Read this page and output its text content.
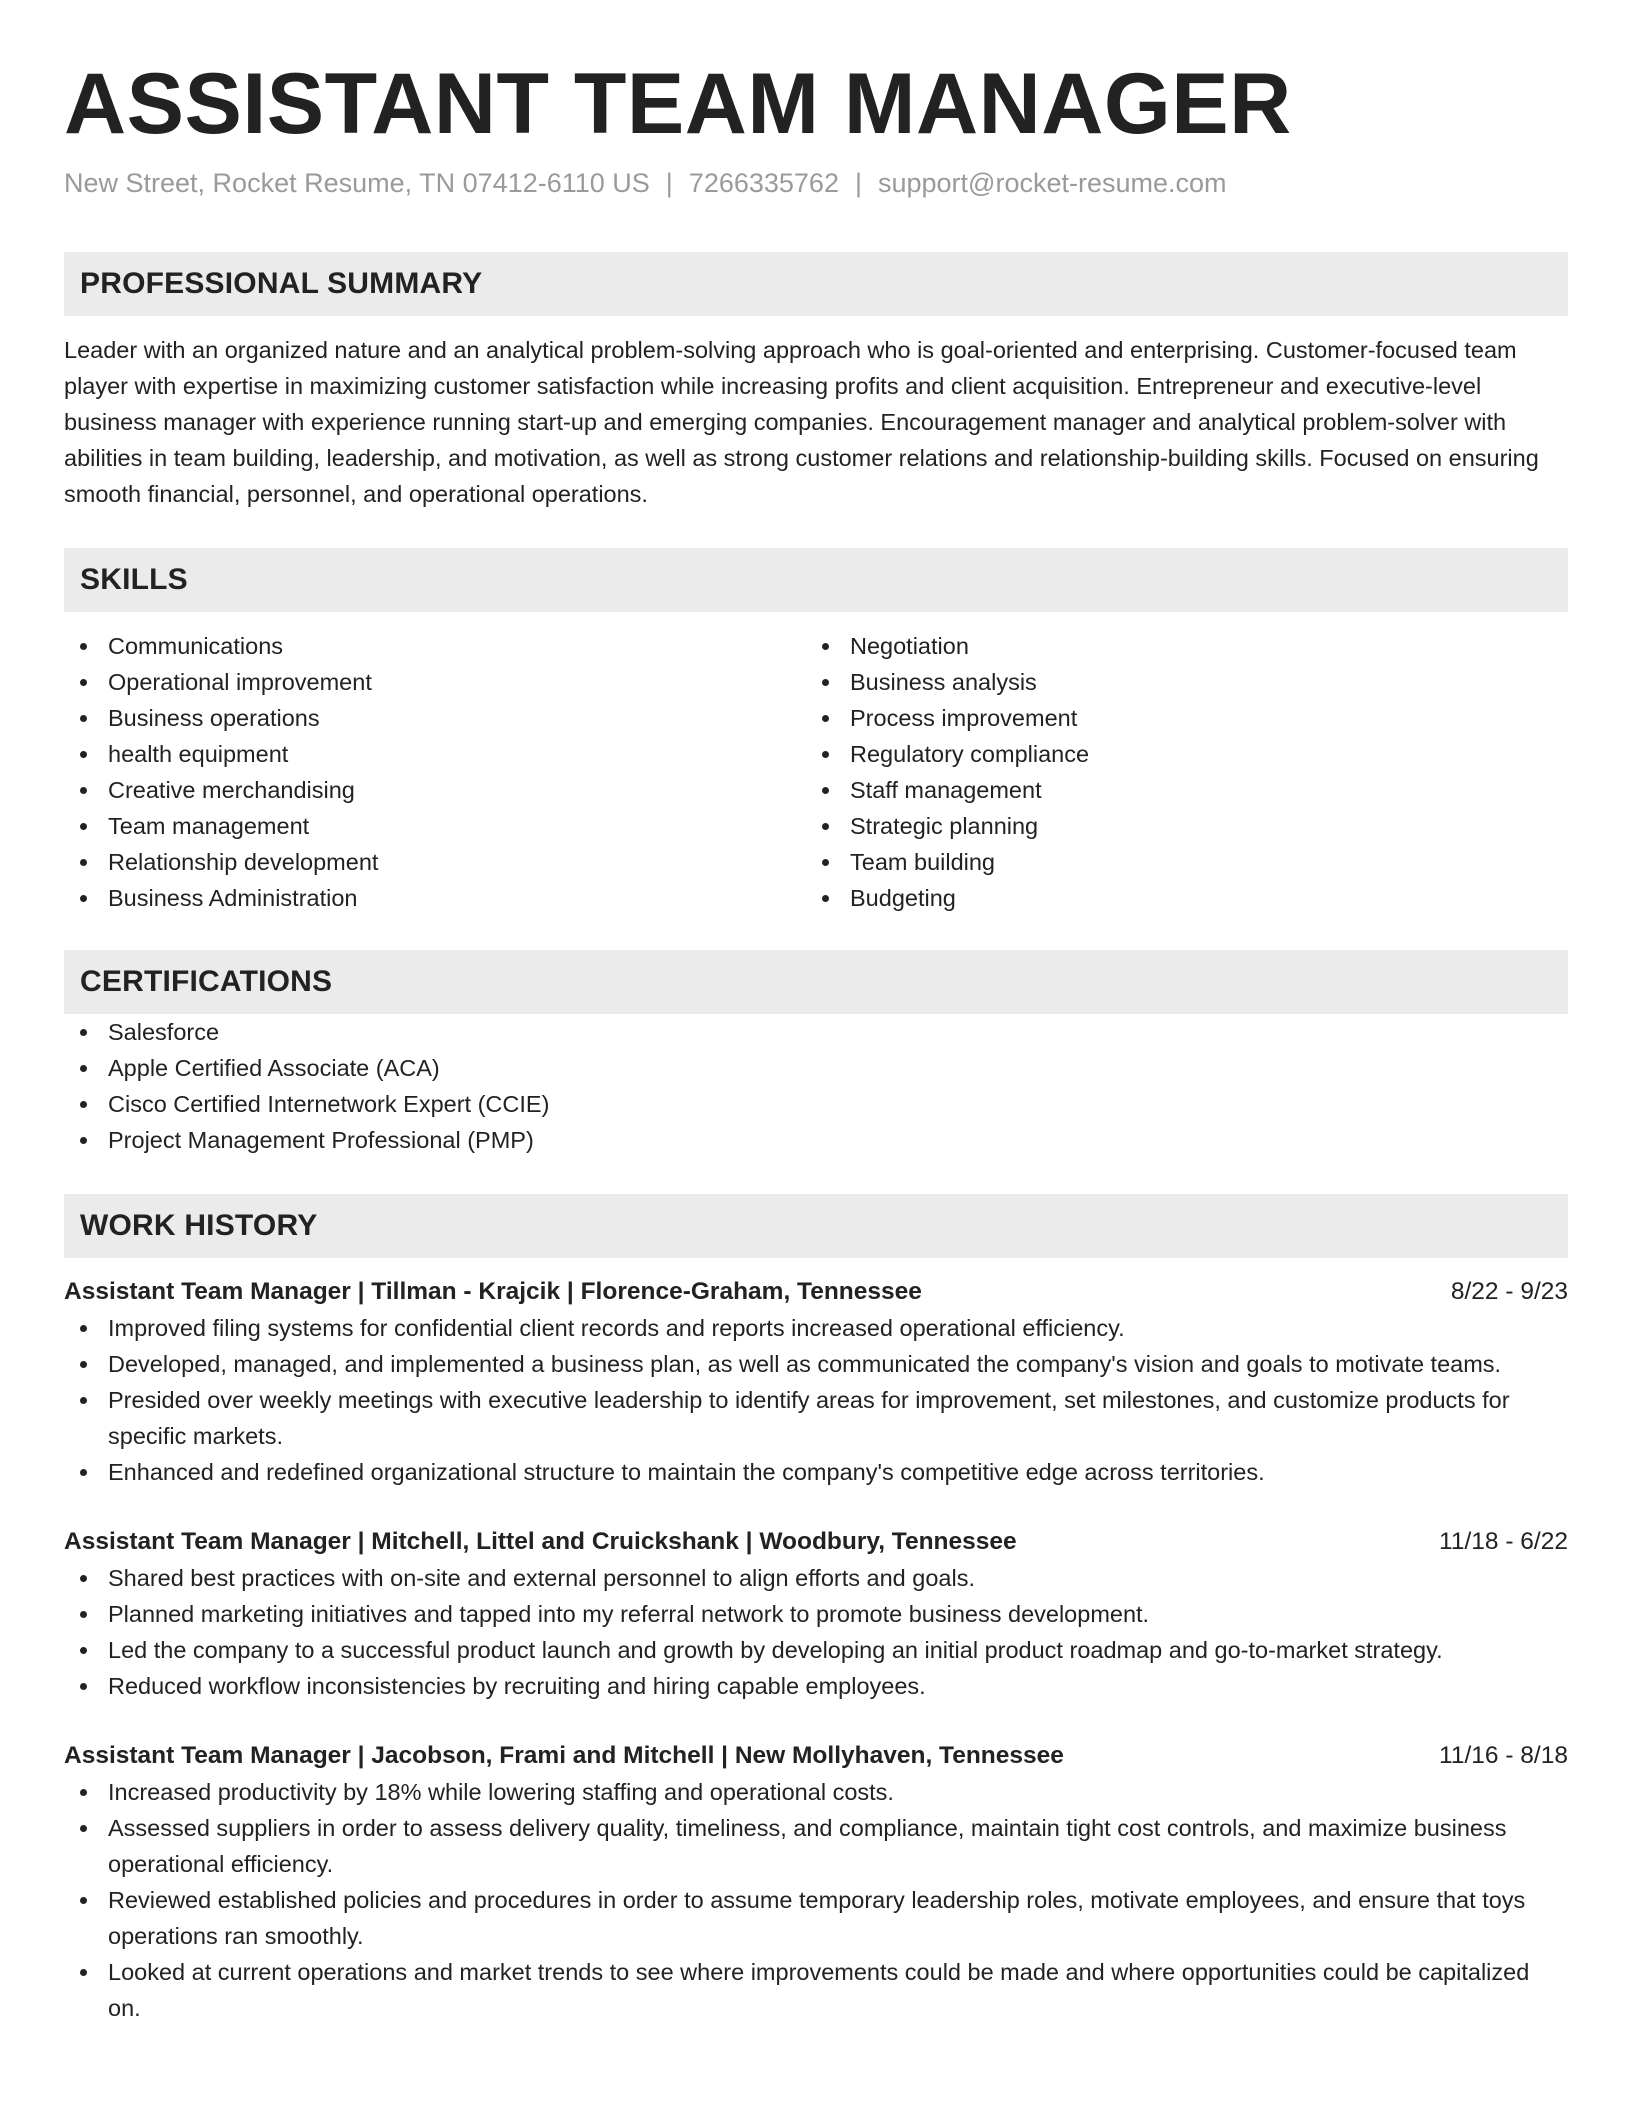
ASSISTANT TEAM MANAGER
New Street, Rocket Resume, TN 07412-6110 US | 7266335762 | support@rocket-resume.com
PROFESSIONAL SUMMARY
Leader with an organized nature and an analytical problem-solving approach who is goal-oriented and enterprising. Customer-focused team player with expertise in maximizing customer satisfaction while increasing profits and client acquisition. Entrepreneur and executive-level business manager with experience running start-up and emerging companies. Encouragement manager and analytical problem-solver with abilities in team building, leadership, and motivation, as well as strong customer relations and relationship-building skills. Focused on ensuring smooth financial, personnel, and operational operations.
SKILLS
Communications
Operational improvement
Business operations
health equipment
Creative merchandising
Team management
Relationship development
Business Administration
Negotiation
Business analysis
Process improvement
Regulatory compliance
Staff management
Strategic planning
Team building
Budgeting
CERTIFICATIONS
Salesforce
Apple Certified Associate (ACA)
Cisco Certified Internetwork Expert (CCIE)
Project Management Professional (PMP)
WORK HISTORY
Assistant Team Manager | Tillman - Krajcik | Florence-Graham, Tennessee	8/22 - 9/23
Improved filing systems for confidential client records and reports increased operational efficiency.
Developed, managed, and implemented a business plan, as well as communicated the company's vision and goals to motivate teams.
Presided over weekly meetings with executive leadership to identify areas for improvement, set milestones, and customize products for specific markets.
Enhanced and redefined organizational structure to maintain the company's competitive edge across territories.
Assistant Team Manager | Mitchell, Littel and Cruickshank | Woodbury, Tennessee	11/18 - 6/22
Shared best practices with on-site and external personnel to align efforts and goals.
Planned marketing initiatives and tapped into my referral network to promote business development.
Led the company to a successful product launch and growth by developing an initial product roadmap and go-to-market strategy.
Reduced workflow inconsistencies by recruiting and hiring capable employees.
Assistant Team Manager | Jacobson, Frami and Mitchell | New Mollyhaven, Tennessee	11/16 - 8/18
Increased productivity by 18% while lowering staffing and operational costs.
Assessed suppliers in order to assess delivery quality, timeliness, and compliance, maintain tight cost controls, and maximize business operational efficiency.
Reviewed established policies and procedures in order to assume temporary leadership roles, motivate employees, and ensure that toys operations ran smoothly.
Looked at current operations and market trends to see where improvements could be made and where opportunities could be capitalized on.
